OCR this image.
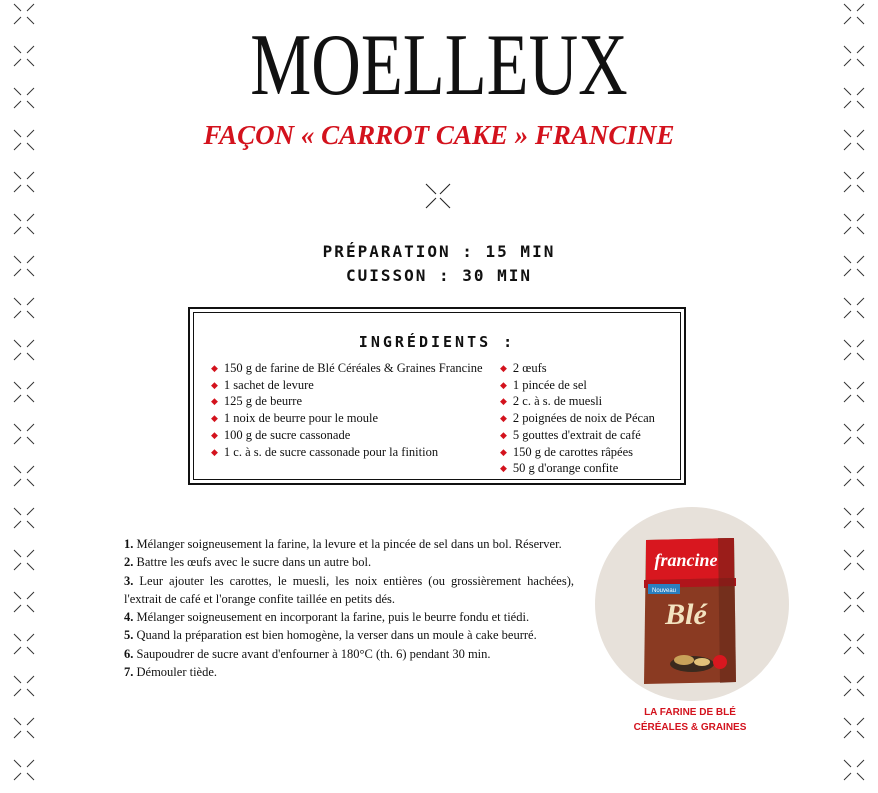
MOELLEUX
FAÇON « CARROT CAKE » FRANCINE
PRÉPARATION : 15 MIN
CUISSON : 30 MIN
INGRÉDIENTS :
◆ 150 g de farine de Blé Céréales & Graines Francine
◆ 1 sachet de levure
◆ 125 g de beurre
◆ 1 noix de beurre pour le moule
◆ 100 g de sucre cassonade
◆ 1 c. à s. de sucre cassonade pour la finition
◆ 2 œufs
◆ 1 pincée de sel
◆ 2 c. à s. de muesli
◆ 2 poignées de noix de Pécan
◆ 5 gouttes d'extrait de café
◆ 150 g de carottes râpées
◆ 50 g d'orange confite

1. Mélanger soigneusement la farine, la levure et la pincée de sel dans un bol. Réserver.

2. Battre les œufs avec le sucre dans un autre bol.

3. Leur ajouter les carottes, le muesli, les noix entières (ou grossièrement hachées), l'extrait de café et l'orange confite taillée en petits dés.

4. Mélanger soigneusement en incorporant la farine, puis le beurre fondu et tiédi.

5. Quand la préparation est bien homogène, la verser dans un moule à cake beurré.

6. Saupoudrer de sucre avant d'enfourner à 180°C (th. 6) pendant 30 min.

7. Démouler tiède.

francine
Nouveau
Blé
LA FARINE DE BLÉ
CÉRÉALES & GRAINES
